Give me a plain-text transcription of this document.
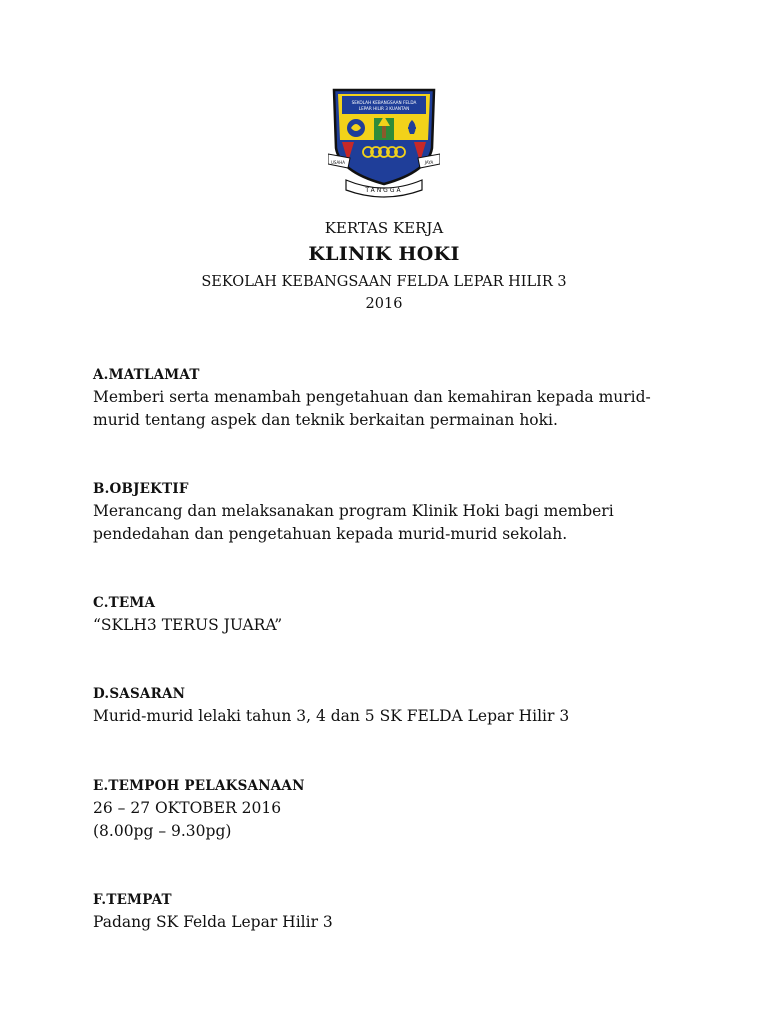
SEKOLAH KEBANGSAAN FELDA
LEPAR HILIR 3 KUANTAN
USAHA	JAYA
TANGGA
KERTAS KERJA
KLINIK HOKI
SEKOLAH KEBANGSAAN FELDA LEPAR HILIR 3
2016
A.MATLAMAT
Memberi serta menambah pengetahuan dan kemahiran kepada murid-
murid tentang aspek dan teknik berkaitan permainan hoki.
B.OBJEKTIF
Merancang dan melaksanakan program Klinik Hoki bagi memberi
pendedahan dan pengetahuan kepada murid-murid sekolah.
C.TEMA
“SKLH3 TERUS JUARA”
D.SASARAN
Murid-murid lelaki tahun 3, 4 dan 5 SK FELDA Lepar Hilir 3
E.TEMPOH PELAKSANAAN
26 – 27 OKTOBER 2016
(8.00pg – 9.30pg)
F.TEMPAT
Padang SK Felda Lepar Hilir 3
